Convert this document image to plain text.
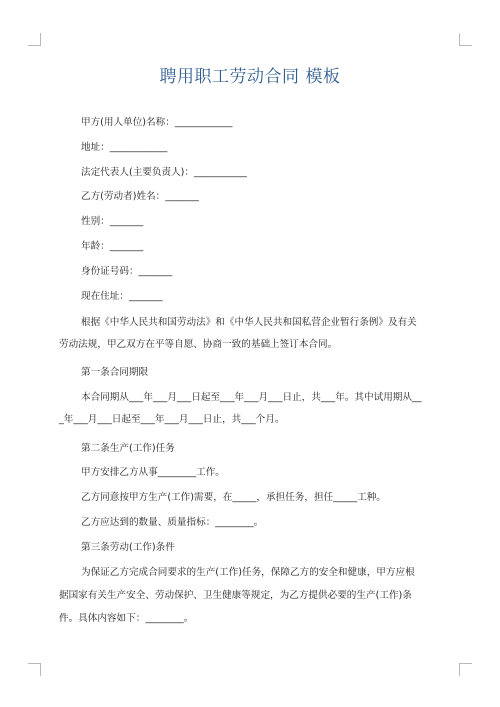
聘用职工劳动合同 模板
甲方(用人单位)名称：____________
地址：____________
法定代表人(主要负责人)：___________
乙方(劳动者)姓名：_______
性别：_______
年龄：_______
身份证号码：_______
现在住址：_______
根据《中华人民共和国劳动法》和《中华人民共和国私营企业暂行条例》及有关
劳动法规，甲乙双方在平等自愿、协商一致的基础上签订本合同。
第一条合同期限
本合同期从___年___月___日起至___年___月___日止，共___年。其中试用期从__
_年___月___日起至___年___月___日止，共___个月。
第二条生产(工作)任务
甲方安排乙方从事________工作。
乙方同意按甲方生产(工作)需要，在_____，承担任务，担任_____工种。
乙方应达到的数量、质量指标：________。
第三条劳动(工作)条件
为保证乙方完成合同要求的生产(工作)任务，保障乙方的安全和健康，甲方应根
据国家有关生产安全、劳动保护、卫生健康等规定，为乙方提供必要的生产(工作)条
件。具体内容如下：________。
